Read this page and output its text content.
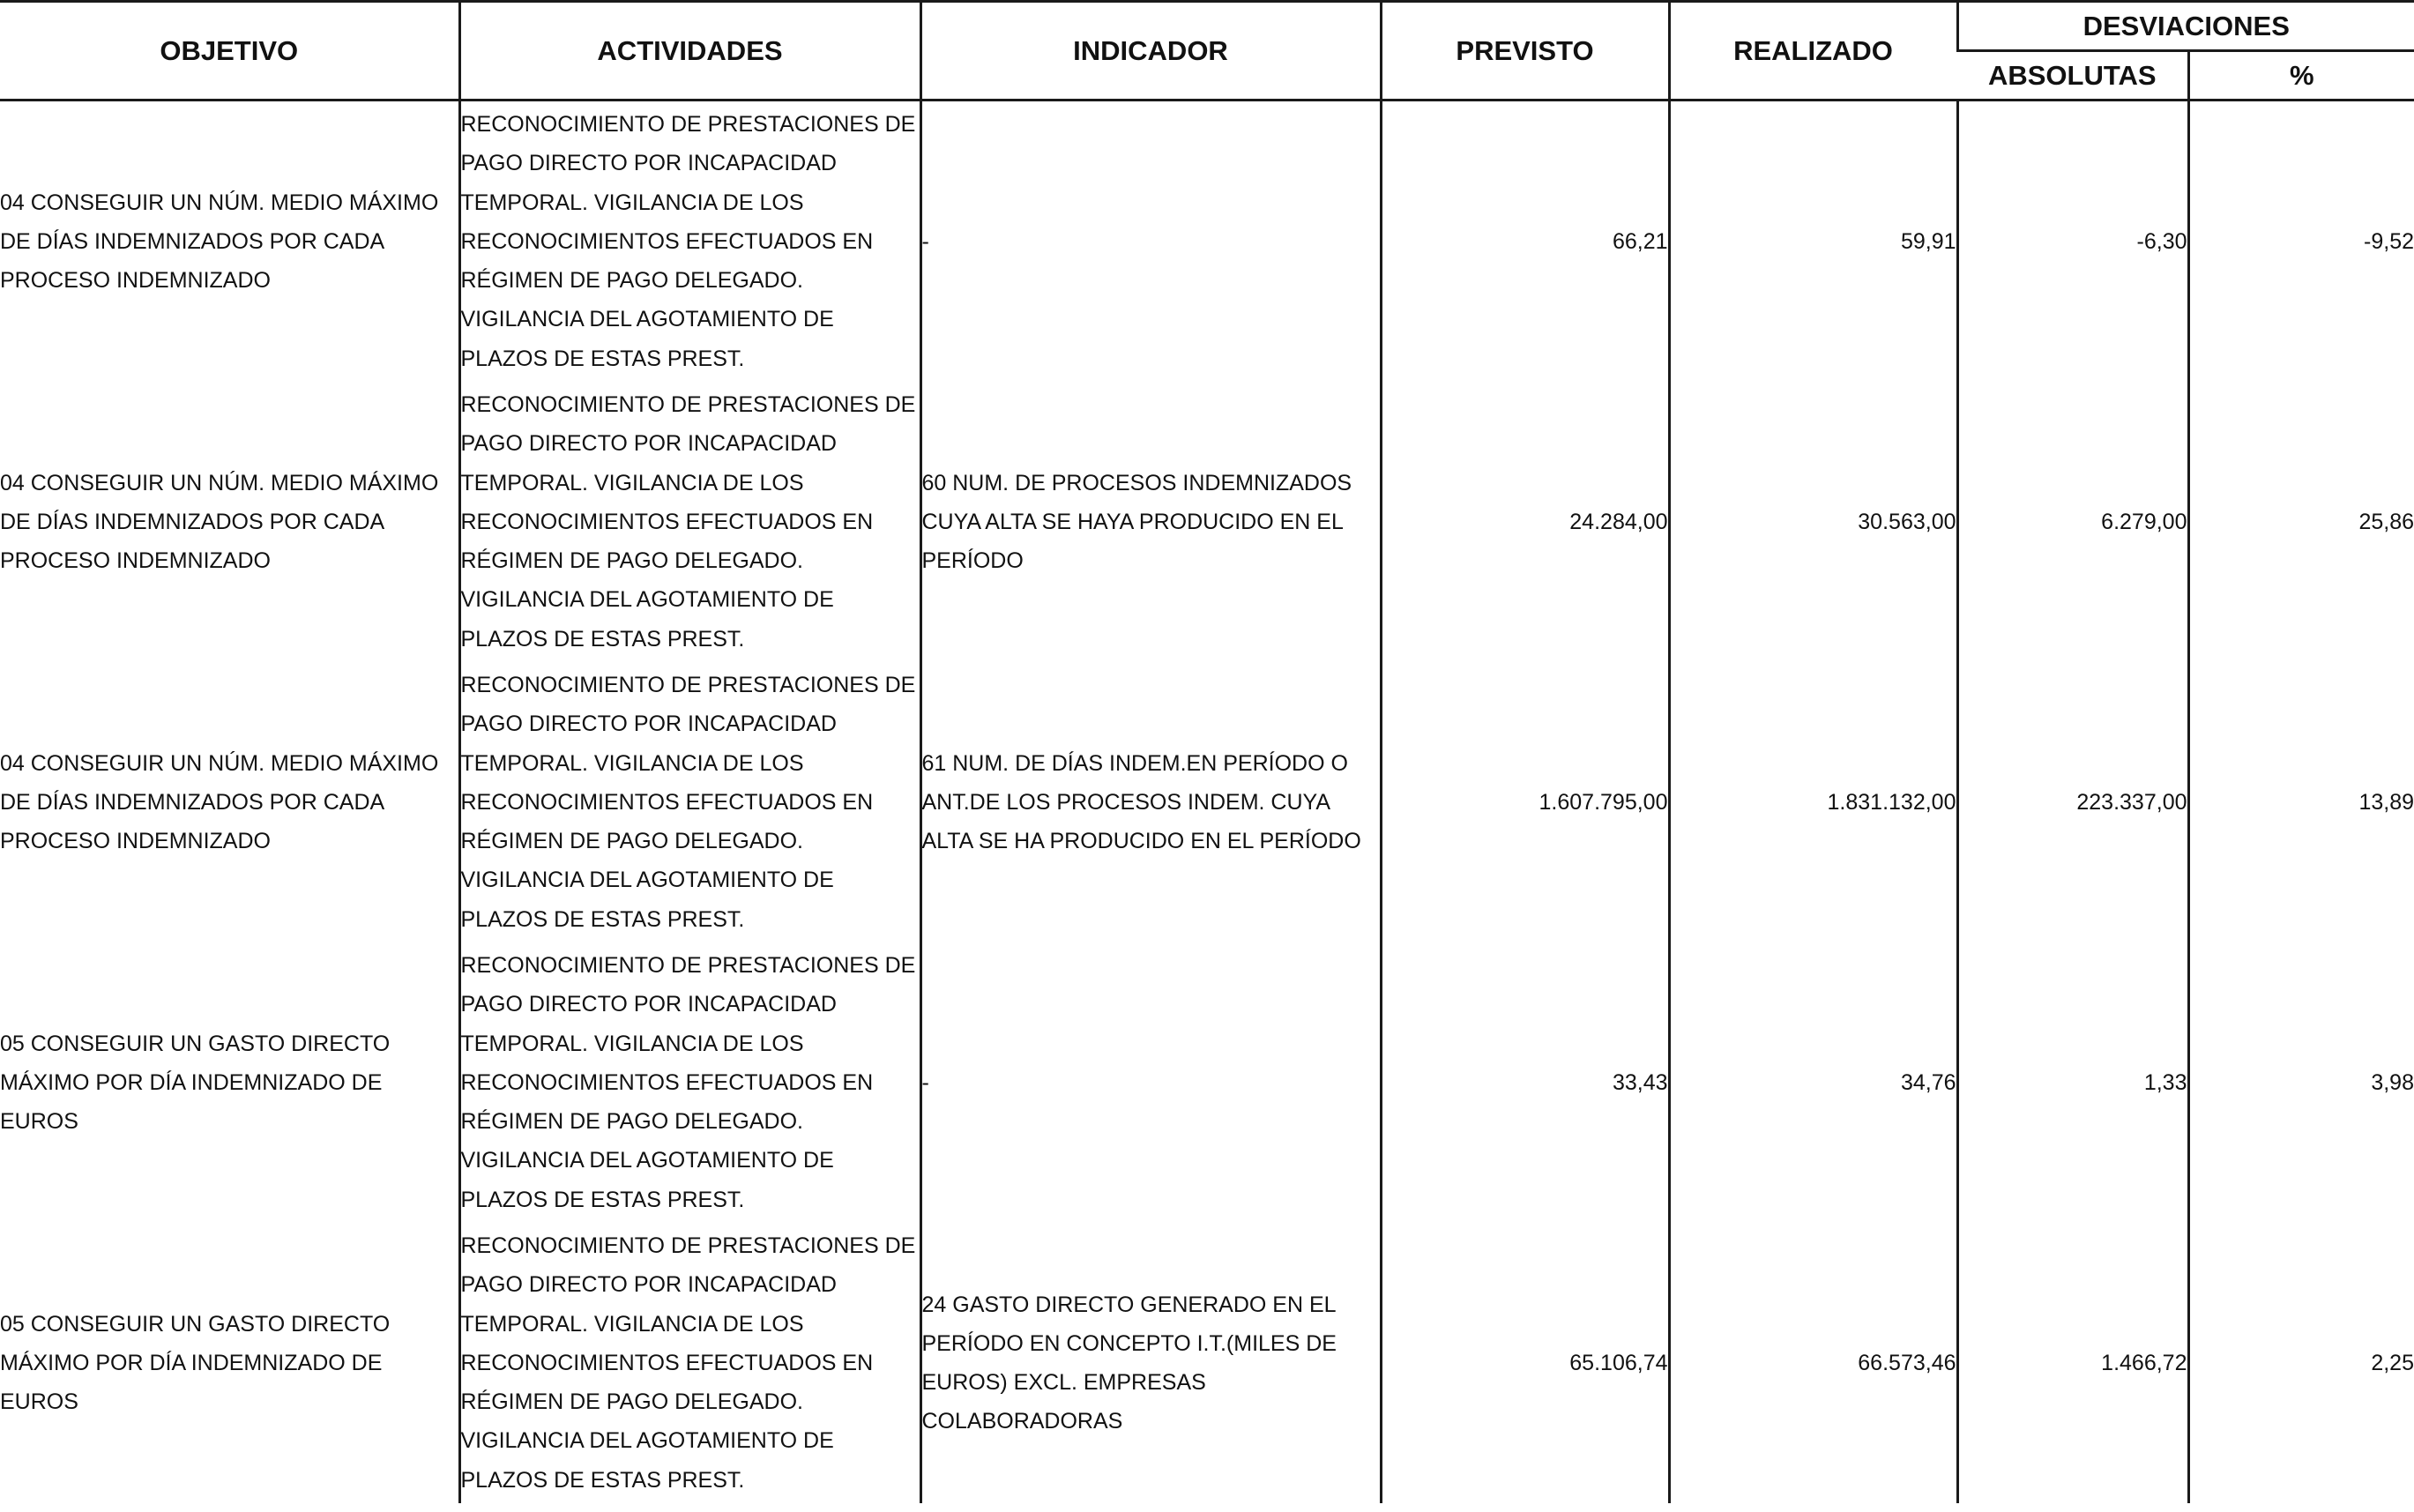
OBJETIVO	ACTIVIDADES	INDICADOR	PREVISTO	REALIZADO	DESVIACIONES	
					ABSOLUTAS	%
04 CONSEGUIR UN NÚM. MEDIO MÁXIMO DE DÍAS INDEMNIZADOS POR CADA PROCESO INDEMNIZADO	RECONOCIMIENTO DE PRESTACIONES DE PAGO DIRECTO POR INCAPACIDAD TEMPORAL. VIGILANCIA DE LOS RECONOCIMIENTOS EFECTUADOS EN RÉGIMEN DE PAGO DELEGADO. VIGILANCIA DEL AGOTAMIENTO DE PLAZOS DE ESTAS PREST.	-	66,21	59,91	-6,30	-9,52
04 CONSEGUIR UN NÚM. MEDIO MÁXIMO DE DÍAS INDEMNIZADOS POR CADA PROCESO INDEMNIZADO	RECONOCIMIENTO DE PRESTACIONES DE PAGO DIRECTO POR INCAPACIDAD TEMPORAL. VIGILANCIA DE LOS RECONOCIMIENTOS EFECTUADOS EN RÉGIMEN DE PAGO DELEGADO. VIGILANCIA DEL AGOTAMIENTO DE PLAZOS DE ESTAS PREST.	60 NUM. DE PROCESOS INDEMNIZADOS CUYA ALTA SE HAYA PRODUCIDO EN EL PERÍODO	24.284,00	30.563,00	6.279,00	25,86
04 CONSEGUIR UN NÚM. MEDIO MÁXIMO DE DÍAS INDEMNIZADOS POR CADA PROCESO INDEMNIZADO	RECONOCIMIENTO DE PRESTACIONES DE PAGO DIRECTO POR INCAPACIDAD TEMPORAL. VIGILANCIA DE LOS RECONOCIMIENTOS EFECTUADOS EN RÉGIMEN DE PAGO DELEGADO. VIGILANCIA DEL AGOTAMIENTO DE PLAZOS DE ESTAS PREST.	61 NUM. DE DÍAS INDEM.EN PERÍODO O ANT.DE LOS PROCESOS INDEM. CUYA ALTA SE HA PRODUCIDO EN EL PERÍODO	1.607.795,00	1.831.132,00	223.337,00	13,89
05 CONSEGUIR UN GASTO DIRECTO MÁXIMO POR DÍA INDEMNIZADO DE EUROS	RECONOCIMIENTO DE PRESTACIONES DE PAGO DIRECTO POR INCAPACIDAD TEMPORAL. VIGILANCIA DE LOS RECONOCIMIENTOS EFECTUADOS EN RÉGIMEN DE PAGO DELEGADO. VIGILANCIA DEL AGOTAMIENTO DE PLAZOS DE ESTAS PREST.	-	33,43	34,76	1,33	3,98
05 CONSEGUIR UN GASTO DIRECTO MÁXIMO POR DÍA INDEMNIZADO DE EUROS	RECONOCIMIENTO DE PRESTACIONES DE PAGO DIRECTO POR INCAPACIDAD TEMPORAL. VIGILANCIA DE LOS RECONOCIMIENTOS EFECTUADOS EN RÉGIMEN DE PAGO DELEGADO. VIGILANCIA DEL AGOTAMIENTO DE PLAZOS DE ESTAS PREST.	24 GASTO DIRECTO GENERADO EN EL PERÍODO EN CONCEPTO I.T.(MILES DE EUROS) EXCL. EMPRESAS COLABORADORAS	65.106,74	66.573,46	1.466,72	2,25
